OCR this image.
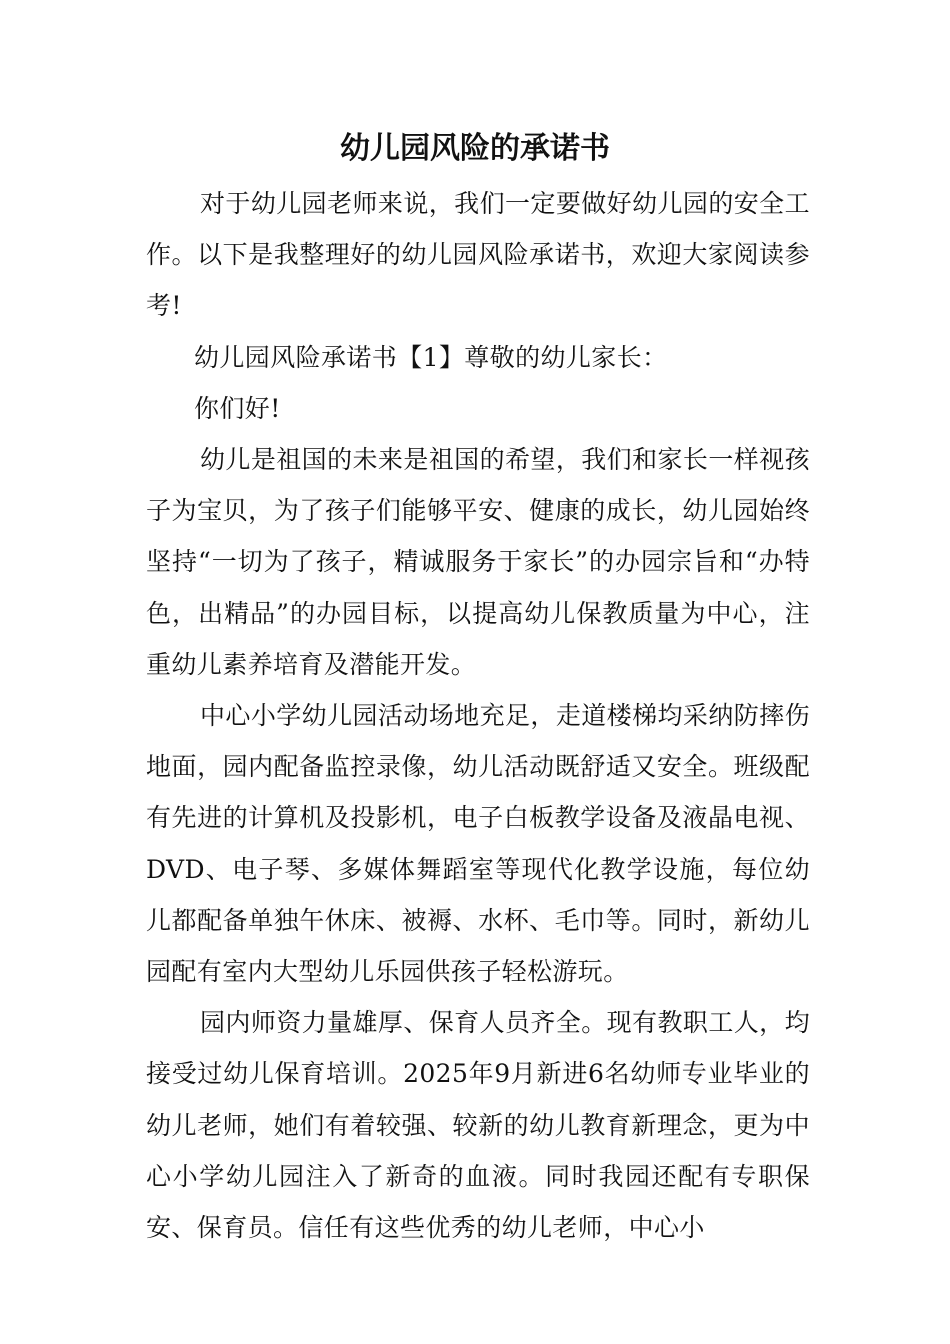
幼儿园风险的承诺书

对于幼儿园老师来说，我们一定要做好幼儿园的安全工作。以下是我整理好的幼儿园风险承诺书，欢迎大家阅读参考!

幼儿园风险承诺书【1】尊敬的幼儿家长：

你们好!

幼儿是祖国的未来是祖国的希望，我们和家长一样视孩子为宝贝，为了孩子们能够平安、健康的成长，幼儿园始终坚持“一切为了孩子，精诚服务于家长”的办园宗旨和“办特色，出精品”的办园目标，以提高幼儿保教质量为中心，注重幼儿素养培育及潜能开发。

中心小学幼儿园活动场地充足，走道楼梯均采纳防摔伤地面，园内配备监控录像，幼儿活动既舒适又安全。班级配有先进的计算机及投影机，电子白板教学设备及液晶电视、DVD、电子琴、多媒体舞蹈室等现代化教学设施，每位幼儿都配备单独午休床、被褥、水杯、毛巾等。同时，新幼儿园配有室内大型幼儿乐园供孩子轻松游玩。

园内师资力量雄厚、保育人员齐全。现有教职工人，均接受过幼儿保育培训。2025年9月新进6名幼师专业毕业的幼儿老师，她们有着较强、较新的幼儿教育新理念，更为中心小学幼儿园注入了新奇的血液。同时我园还配有专职保安、保育员。信任有这些优秀的幼儿老师，中心小
